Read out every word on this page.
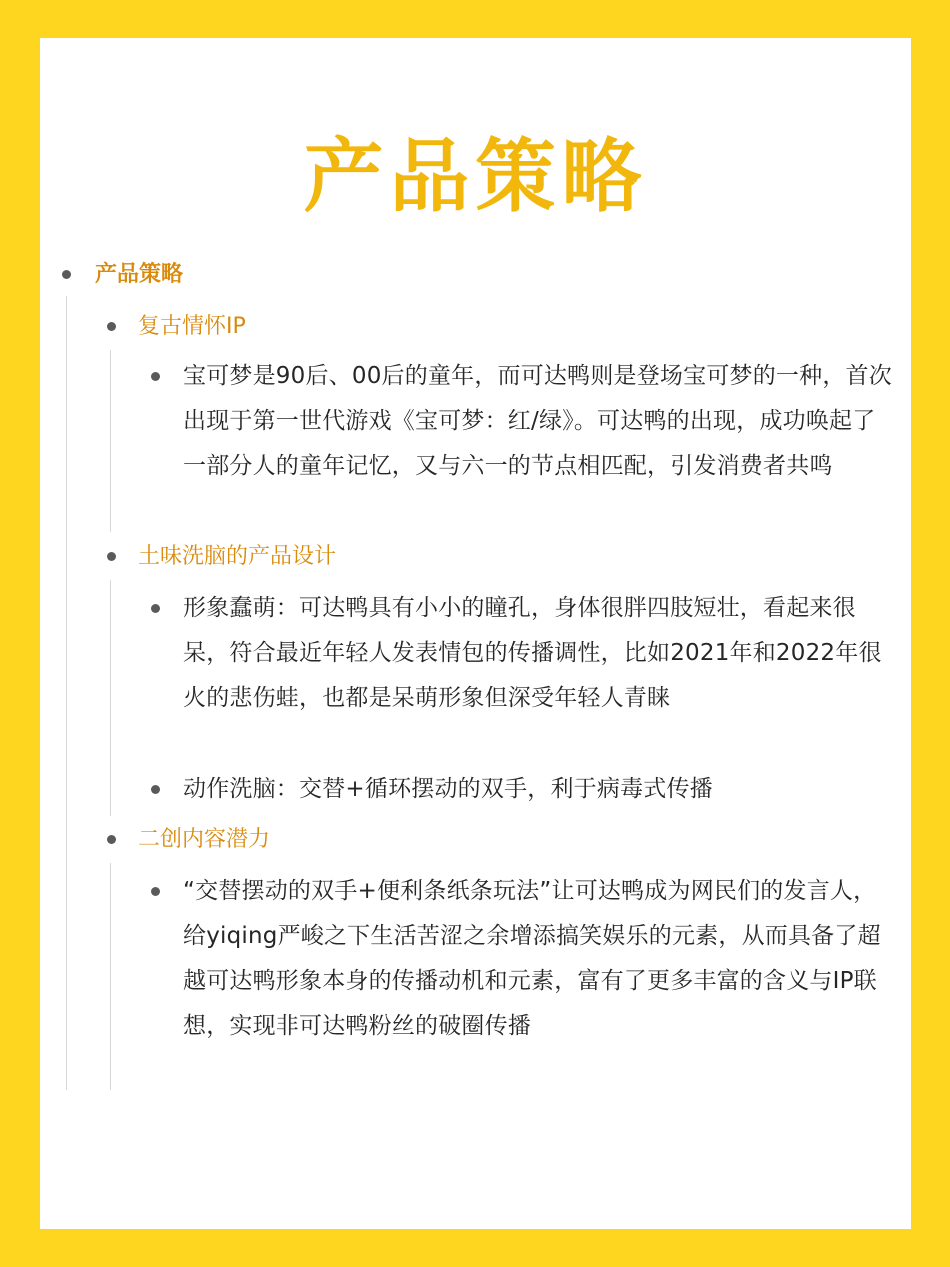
产品策略
产品策略
复古情怀IP
宝可梦是90后、00后的童年，而可达鸭则是登场宝可梦的一种，首次出现于第一世代游戏《宝可梦：红/绿》。可达鸭的出现，成功唤起了一部分人的童年记忆，又与六一的节点相匹配，引发消费者共鸣
土味洗脑的产品设计
形象蠢萌：可达鸭具有小小的瞳孔，身体很胖四肢短壮，看起来很呆，符合最近年轻人发表情包的传播调性，比如2021年和2022年很火的悲伤蛙，也都是呆萌形象但深受年轻人青睐
动作洗脑：交替+循环摆动的双手，利于病毒式传播
二创内容潜力
“交替摆动的双手+便利条纸条玩法”让可达鸭成为网民们的发言人，给yiqing严峻之下生活苦涩之余增添搞笑娱乐的元素，从而具备了超越可达鸭形象本身的传播动机和元素，富有了更多丰富的含义与IP联想，实现非可达鸭粉丝的破圈传播
